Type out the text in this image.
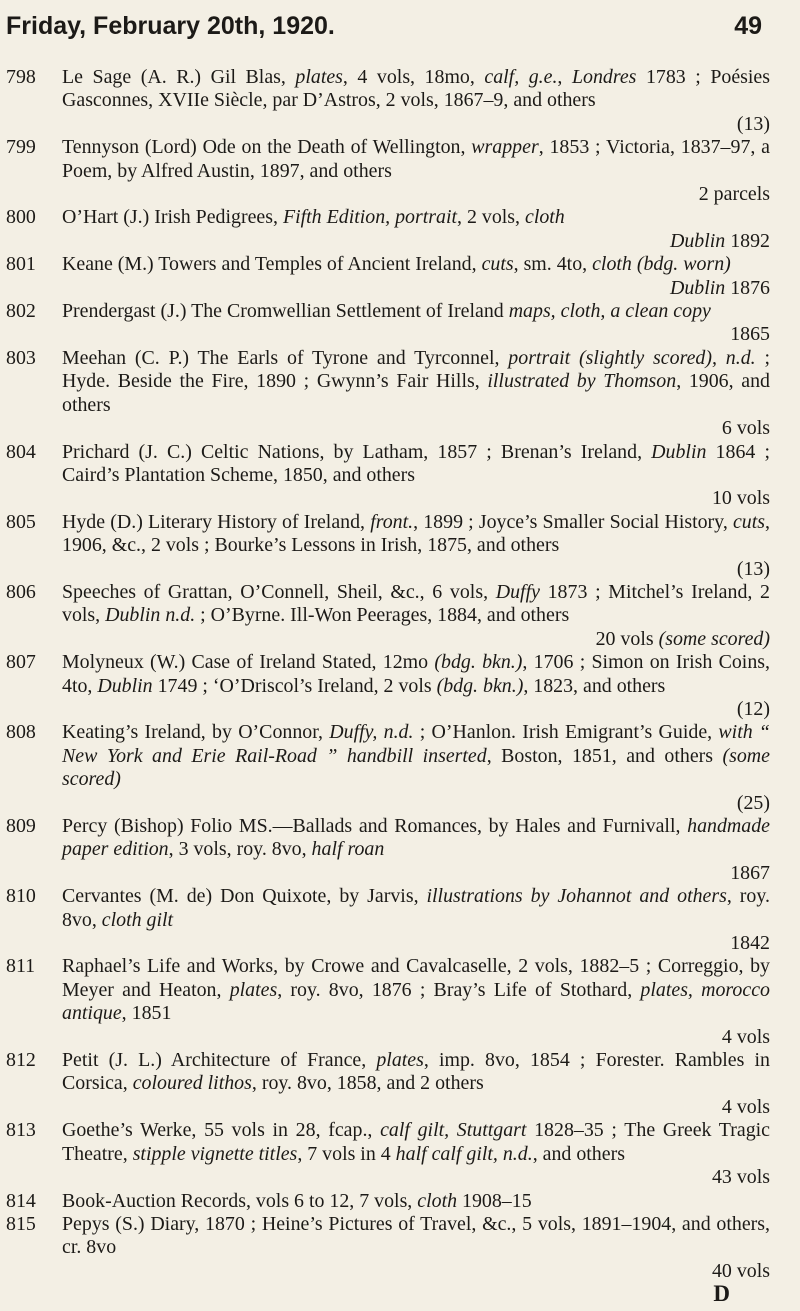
Friday, February 20th, 1920.	49
798	Le Sage (A. R.) Gil Blas, plates, 4 vols, 18mo, calf, g.e., Londres 1783 ; Poésies Gasconnes, XVIIe Siècle, par D’Astros, 2 vols, 1867–9, and others
(13)
799	Tennyson (Lord) Ode on the Death of Wellington, wrapper, 1853 ; Victoria, 1837–97, a Poem, by Alfred Austin, 1897, and others
2 parcels
800	O’Hart (J.) Irish Pedigrees, Fifth Edition, portrait, 2 vols, cloth
Dublin 1892
801	Keane (M.) Towers and Temples of Ancient Ireland, cuts, sm. 4to, cloth (bdg. worn)
Dublin 1876
802	Prendergast (J.) The Cromwellian Settlement of Ireland maps, cloth, a clean copy
1865
803	Meehan (C. P.) The Earls of Tyrone and Tyrconnel, portrait (slightly scored), n.d. ; Hyde. Beside the Fire, 1890 ; Gwynn’s Fair Hills, illustrated by Thomson, 1906, and others
6 vols
804	Prichard (J. C.) Celtic Nations, by Latham, 1857 ; Brenan’s Ireland, Dublin 1864 ; Caird’s Plantation Scheme, 1850, and others
10 vols
805	Hyde (D.) Literary History of Ireland, front., 1899 ; Joyce’s Smaller Social History, cuts, 1906, &c., 2 vols ; Bourke’s Lessons in Irish, 1875, and others
(13)
806	Speeches of Grattan, O’Connell, Sheil, &c., 6 vols, Duffy 1873 ; Mitchel’s Ireland, 2 vols, Dublin n.d. ; O’Byrne. Ill-Won Peerages, 1884, and others
20 vols (some scored)
807	Molyneux (W.) Case of Ireland Stated, 12mo (bdg. bkn.), 1706 ; Simon on Irish Coins, 4to, Dublin 1749 ; ‘O’Driscol’s Ireland, 2 vols (bdg. bkn.), 1823, and others
(12)
808	Keating’s Ireland, by O’Connor, Duffy, n.d. ; O’Hanlon. Irish Emigrant’s Guide, with “ New York and Erie Rail-Road ” handbill inserted, Boston, 1851, and others (some scored)
(25)
809	Percy (Bishop) Folio MS.—Ballads and Romances, by Hales and Furnivall, handmade paper edition, 3 vols, roy. 8vo, half roan
1867
810	Cervantes (M. de) Don Quixote, by Jarvis, illustrations by Johannot and others, roy. 8vo, cloth gilt
1842
811	Raphael’s Life and Works, by Crowe and Cavalcaselle, 2 vols, 1882–5 ; Correggio, by Meyer and Heaton, plates, roy. 8vo, 1876 ; Bray’s Life of Stothard, plates, morocco antique, 1851
4 vols
812	Petit (J. L.) Architecture of France, plates, imp. 8vo, 1854 ; Forester. Rambles in Corsica, coloured lithos, roy. 8vo, 1858, and 2 others
4 vols
813	Goethe’s Werke, 55 vols in 28, fcap., calf gilt, Stuttgart 1828–35 ; The Greek Tragic Theatre, stipple vignette titles, 7 vols in 4 half calf gilt, n.d., and others
43 vols
814	Book-Auction Records, vols 6 to 12, 7 vols, cloth 1908–15
815	Pepys (S.) Diary, 1870 ; Heine’s Pictures of Travel, &c., 5 vols, 1891–1904, and others, cr. 8vo
40 vols
D
